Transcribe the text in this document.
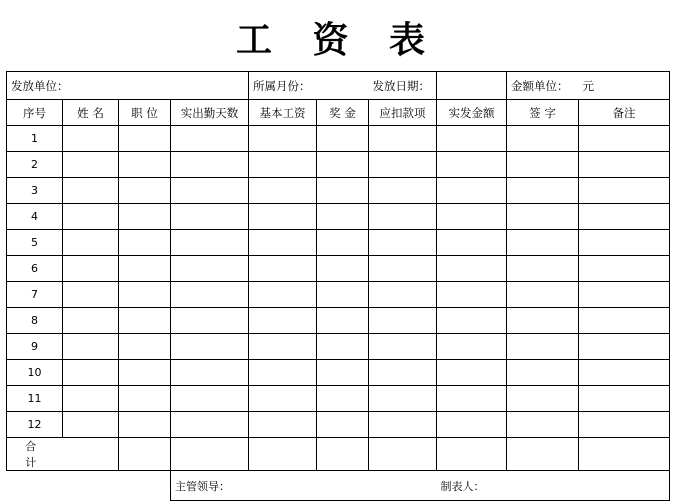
工 资 表
发放单位：				所属月份：		发放日期：		金额单位：	元
序号	姓 名	职 位	实出勤天数	基本工资	奖 金	应扣款项	实发金额	签 字	备注
1									
2									
3									
4									
5									
6									
7									
8									
9									
10									
11									
12									
合 计									
			主管领导：				制表人：		
